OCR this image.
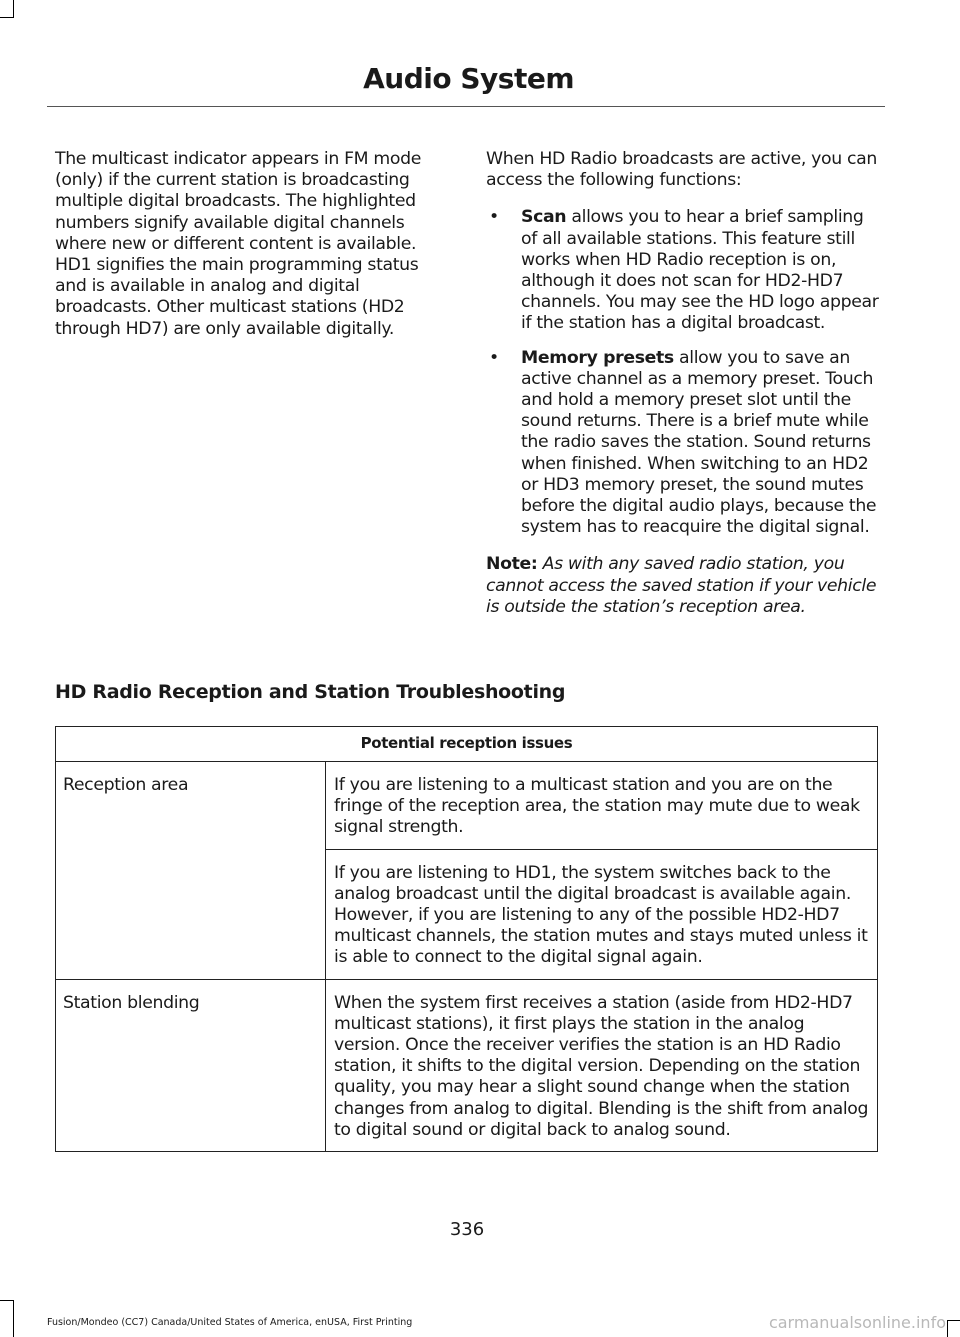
Audio System

The multicast indicator appears in FM mode (only) if the current station is broadcasting multiple digital broadcasts. The highlighted numbers signify available digital channels where new or different content is available. HD1 signifies the main programming status and is available in analog and digital broadcasts. Other multicast stations (HD2 through HD7) are only available digitally.

When HD Radio broadcasts are active, you can access the following functions:

• Scan allows you to hear a brief sampling of all available stations. This feature still works when HD Radio reception is on, although it does not scan for HD2-HD7 channels. You may see the HD logo appear if the station has a digital broadcast.
• Memory presets allow you to save an active channel as a memory preset. Touch and hold a memory preset slot until the sound returns. There is a brief mute while the radio saves the station. Sound returns when finished. When switching to an HD2 or HD3 memory preset, the sound mutes before the digital audio plays, because the system has to reacquire the digital signal.

Note: As with any saved radio station, you cannot access the saved station if your vehicle is outside the station’s reception area.

HD Radio Reception and Station Troubleshooting
Potential reception issues	
Reception area	If you are listening to a multicast station and you are on the fringe of the reception area, the station may mute due to weak signal strength.
	If you are listening to HD1, the system switches back to the analog broadcast until the digital broadcast is available again. However, if you are listening to any of the possible HD2-HD7 multicast channels, the station mutes and stays muted unless it is able to connect to the digital signal again.
Station blending	When the system first receives a station (aside from HD2-HD7 multicast stations), it first plays the station in the analog version. Once the receiver verifies the station is an HD Radio station, it shifts to the digital version. Depending on the station quality, you may hear a slight sound change when the station changes from analog to digital. Blending is the shift from analog to digital sound or digital back to analog sound.
336
Fusion/Mondeo (CC7) Canada/United States of America, enUSA, First Printing	carmanualsonline.info
